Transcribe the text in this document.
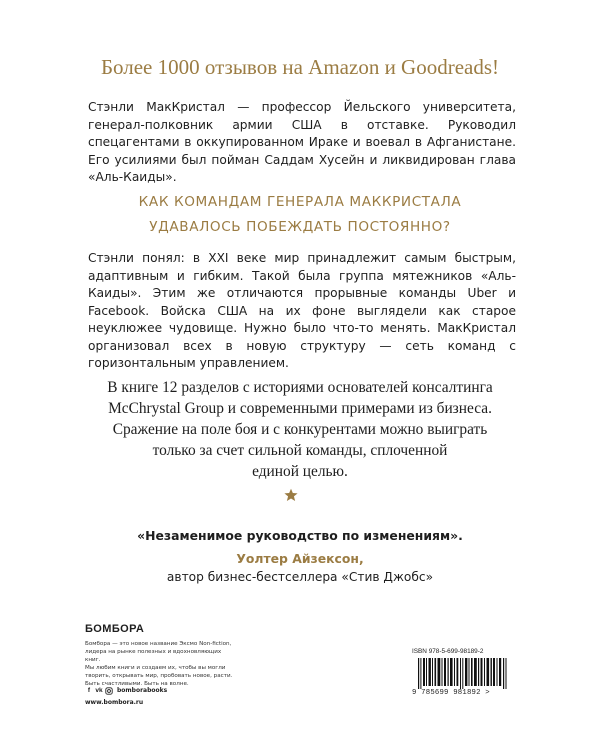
Более 1000 отзывов на Amazon и Goodreads!

Стэнли МакКристал — профессор Йельского университета, генерал-полковник армии США в отставке. Руководил спецагентами в оккупированном Ираке и воевал в Афганистане. Его усилиями был пойман Саддам Хусейн и ликвидирован глава «Аль-Каиды».

КАК КОМАНДАМ ГЕНЕРАЛА МАККРИСТАЛА
УДАВАЛОСЬ ПОБЕЖДАТЬ ПОСТОЯННО?

Стэнли понял: в XXI веке мир принадлежит самым быстрым, адаптивным и гибким. Такой была группа мятежников «Аль-Каиды». Этим же отличаются прорывные команды Uber и Facebook. Войска США на их фоне выглядели как старое неуклюжее чудовище. Нужно было что-то менять. МакКристал организовал всех в новую структуру — сеть команд с горизонтальным управлением.

В книге 12 разделов с историями основателей консалтинга
McChrystal Group и современными примерами из бизнеса.
Сражение на поле боя и с конкурентами можно выиграть
только за счет сильной команды, сплоченной
единой целью.

«Незаменимое руководство по изменениям».

Уолтер Айзексон,

автор бизнес-бестселлера «Стив Джобс»

БОМБОРА

Бомбора — это новое название Эксмо Non-fiction,
лидера на рынке полезных и вдохновляющих книг.
Мы любим книги и создаем их, чтобы вы могли
творить, открывать мир, пробовать новое, расти.
Быть счастливыми. Быть на волне.
f vk bomborabooks

www.bombora.ru

ISBN 978-5-699-98189-2

9 785699 981892 >
